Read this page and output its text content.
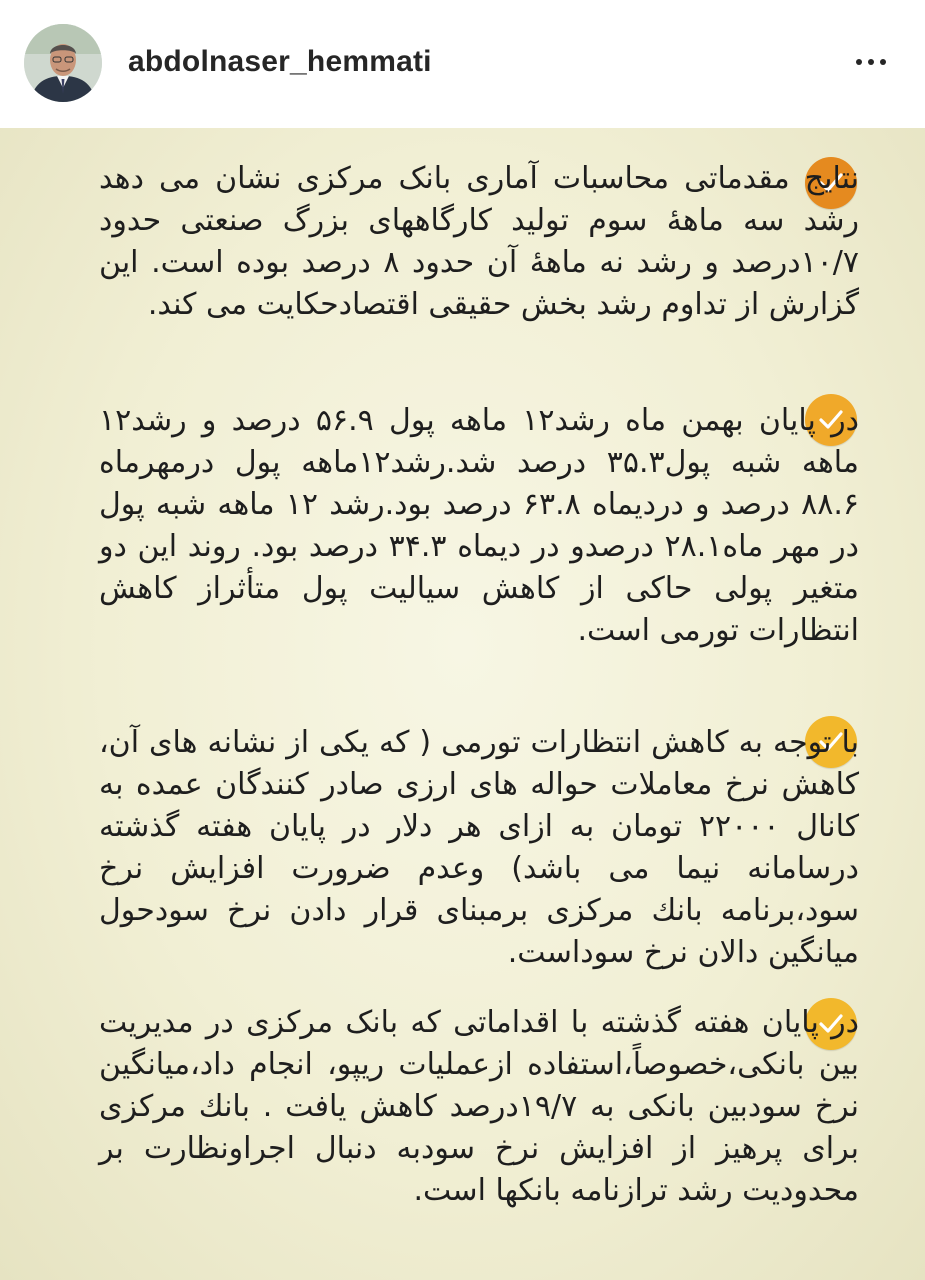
abdolnaser_hemmati
نتایج مقدماتی محاسبات آماری بانک مرکزی نشان می دهد رشد سه ماههٔ سوم تولید کارگاههای بزرگ صنعتی حدود ۱۰/۷درصد و رشد نه ماههٔ آن حدود ۸ درصد بوده است. این گزارش از تداوم رشد بخش حقیقی اقتصادحکایت می کند.
در پایان بهمن ماه رشد۱۲ ماهه پول ۵۶.۹ درصد و رشد۱۲ ماهه شبه پول۳۵.۳ درصد شد.رشد۱۲ماهه پول درمهرماه ۸۸.۶ درصد و دردیماه ۶۳.۸ درصد بود.رشد ۱۲ ماهه شبه پول در مهر ماه۲۸.۱ درصدو در دیماه ۳۴.۳ درصد بود. روند این دو متغیر پولی حاکی از کاهش سیالیت پول متأثراز کاهش انتظارات تورمی است.
با توجه به کاهش انتظارات تورمی ( که یکی از نشانه های آن، کاهش نرخ معاملات حواله های ارزی صادر کنندگان عمده به کانال ۲۲۰۰۰ تومان به ازای هر دلار در پایان هفته گذشته درسامانه نیما می باشد) وعدم ضرورت افزایش نرخ سود،برنامه بانك مرکزی برمبنای قرار دادن نرخ سودحول میانگین دالان نرخ سوداست.
در پایان هفته گذشته با اقداماتی که بانک مرکزی در مدیریت بین بانکی،خصوصاً،استفاده ازعملیات ریپو، انجام داد،میانگین نرخ سودبین بانکی به ۱۹/۷درصد کاهش یافت . بانك مرکزی برای پرهیز از افزایش نرخ سودبه دنبال اجراونظارت بر محدودیت رشد ترازنامه بانکها است.
